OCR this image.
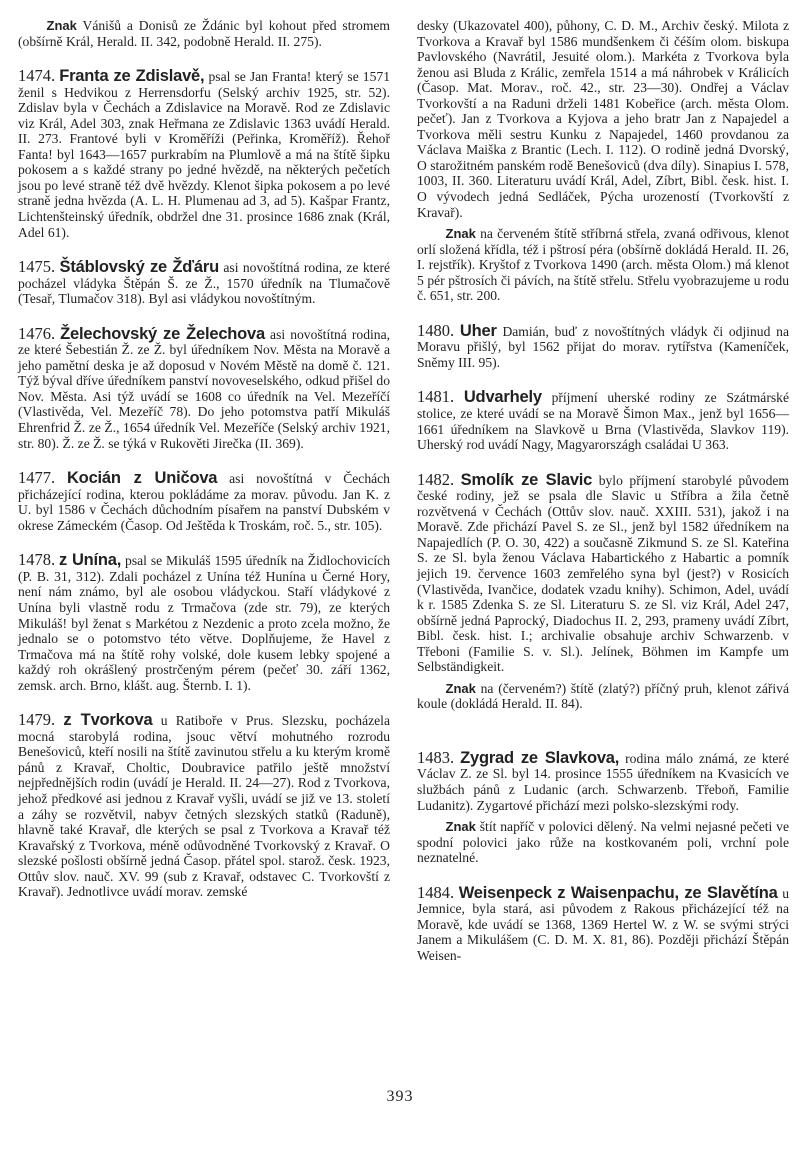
Znak Vánišů a Donisů ze Ždánic byl kohout před stromem (obšírně Král, Herald. II. 342, podobně Herald. II. 275).

1474. Franta ze Zdislavě, psal se Jan Franta! který se 1571 ženil s Hedvikou z Herrensdorfu (Selský archiv 1925, str. 52). Zdislav byla v Čechách a Zdislavice na Moravě. Rod ze Zdislavic viz Král, Adel 303, znak Heřmana ze Zdislavic 1363 uvádí Herald. II. 273. Frantové byli v Kroměříži (Peřinka, Kroměříž). Řehoř Fanta! byl 1643—1657 purkrabím na Plumlově a má na štítě šipku pokosem a s každé strany po jedné hvězdě, na některých pečetích jsou po levé straně též dvě hvězdy. Klenot šipka pokosem a po levé straně jedna hvězda (A. L. H. Plumenau ad 3, ad 5). Kašpar Frantz, Lichtenšteinský úředník, obdržel dne 31. prosince 1686 znak (Král, Adel 61).

1475. Štáblovský ze Žďáru asi novoštítná rodina, ze které pocházel vládyka Štěpán Š. ze Ž., 1570 úředník na Tlumačově (Tesař, Tlumačov 318). Byl asi vládykou novoštítným.

1476. Želechovský ze Želechova asi novoštítná rodina, ze které Šebestián Ž. ze Ž. byl úředníkem Nov. Města na Moravě a jeho pamětní deska je až doposud v Novém Městě na domě č. 121. Týž býval dříve úředníkem panství novoveselského, odkud přišel do Nov. Města. Asi týž uvádí se 1608 co úředník na Vel. Mezeříčí (Vlastivěda, Vel. Mezeříč 78). Do jeho potomstva patří Mikuláš Ehrenfrid Ž. ze Ž., 1654 úředník Vel. Mezeříče (Selský archiv 1921, str. 80). Ž. ze Ž. se týká v Rukověti Jirečka (II. 369).

1477. Kocián z Uničova asi novoštítná v Čechách přicházející rodina, kterou pokládáme za morav. původu. Jan K. z U. byl 1586 v Čechách důchodním písařem na panství Dubském v okrese Zámeckém (Časop. Od Ještěda k Troskám, roč. 5., str. 105).

1478. z Unína, psal se Mikuláš 1595 úředník na Židlochovicích (P. B. 31, 312). Zdali pocházel z Unína též Hunína u Černé Hory, není nám známo, byl ale osobou vládyckou. Staří vládykové z Unína byli vlastně rodu z Trmačova (zde str. 79), ze kterých Mikuláš! byl ženat s Markétou z Nezdenic a proto zcela možno, že jednalo se o potomstvo této větve. Doplňujeme, že Havel z Trmačova má na štítě rohy volské, dole kusem lebky spojené a každý roh okrášlený prostrčeným pérem (pečeť 30. září 1362, zemsk. arch. Brno, klášt. aug. Šternb. I. 1).

1479. z Tvorkova u Ratiboře v Prus. Slezsku, pocházela mocná starobylá rodina, jsouc větví mohutného rozrodu Benešoviců, kteří nosili na štítě zavinutou střelu a ku kterým kromě pánů z Kravař, Choltic, Doubravice patřilo ještě množství nejpřednějších rodin (uvádí je Herald. II. 24—27). Rod z Tvorkova, jehož předkové asi jednou z Kravař vyšli, uvádí se již ve 13. století a záhy se rozvětvil, nabyv četných slezských statků (Raduně), hlavně také Kravař, dle kterých se psal z Tvorkova a Kravař též Kravařský z Tvorkova, méně odůvodněné Tvorkovský z Kravař. O slezské pošlosti obšírně jedná Časop. přátel spol. starož. česk. 1923, Ottův slov. nauč. XV. 99 (sub z Kravař, odstavec C. Tvorkovští z Kravař). Jednotlivce uvádí morav. zemské

desky (Ukazovatel 400), půhony, C. D. M., Archiv český. Milota z Tvorkova a Kravař byl 1586 mundšenkem či čéším olom. biskupa Pavlovského (Navrátil, Jesuité olom.). Markéta z Tvorkova byla ženou asi Bluda z Králic, zemřela 1514 a má náhrobek v Králicích (Časop. Mat. Morav., roč. 42., str. 23—30). Ondřej a Václav Tvorkovští a na Raduni drželi 1481 Kobeřice (arch. města Olom. pečeť). Jan z Tvorkova a Kyjova a jeho bratr Jan z Napajedel a Tvorkova měli sestru Kunku z Napajedel, 1460 provdanou za Václava Maiška z Brantic (Lech. I. 112). O rodině jedná Dvorský, O starožitném panském rodě Benešoviců (dva díly). Sinapius I. 578, 1003, II. 360. Literaturu uvádí Král, Adel, Zíbrt, Bibl. česk. hist. I. O vývodech jedná Sedláček, Pýcha urozeností (Tvorkovští z Kravař).

Znak na červeném štítě stříbrná střela, zvaná odřivous, klenot orlí složená křídla, též i pštrosí péra (obšírně dokládá Herald. II. 26, I. rejstřík). Kryštof z Tvorkova 1490 (arch. města Olom.) má klenot 5 pér pštrosích či pávích, na štítě střelu. Střelu vyobrazujeme u rodu č. 651, str. 200.

1480. Uher Damián, buď z novoštítných vládyk či odjinud na Moravu přišlý, byl 1562 přijat do morav. rytířstva (Kameníček, Sněmy III. 95).

1481. Udvarhely příjmení uherské rodiny ze Szátmárské stolice, ze které uvádí se na Moravě Šimon Max., jenž byl 1656—1661 úředníkem na Slavkově u Brna (Vlastivěda, Slavkov 119). Uherský rod uvádí Nagy, Magyarországh családai U 363.

1482. Smolík ze Slavic bylo příjmení starobylé původem české rodiny, jež se psala dle Slavic u Stříbra a žila četně rozvětvená v Čechách (Ottův slov. nauč. XXIII. 531), jakož i na Moravě. Zde přichází Pavel S. ze Sl., jenž byl 1582 úředníkem na Napajedlích (P. O. 30, 422) a současně Zikmund S. ze Sl. Kateřina S. ze Sl. byla ženou Václava Habartického z Habartic a pomník jejich 19. července 1603 zemřelého syna byl (jest?) v Rosicích (Vlastivěda, Ivančice, dodatek vzadu knihy). Schimon, Adel, uvádí k r. 1585 Zdenka S. ze Sl. Literaturu S. ze Sl. viz Král, Adel 247, obšírně jedná Paprocký, Diadochus II. 2, 293, prameny uvádí Zíbrt, Bibl. česk. hist. I.; archivalie obsahuje archiv Schwarzenb. v Třeboni (Familie S. v. Sl.). Jelínek, Böhmen im Kampfe um Selbständigkeit.

Znak na (červeném?) štítě (zlatý?) příčný pruh, klenot zářivá koule (dokládá Herald. II. 84).

1483. Zygrad ze Slavkova, rodina málo známá, ze které Václav Z. ze Sl. byl 14. prosince 1555 úředníkem na Kvasicích ve službách pánů z Ludanic (arch. Schwarzenb. Třeboň, Familie Ludanitz). Zygartové přichází mezi polsko-slezskými rody.

Znak štít napříč v polovici dělený. Na velmi nejasné pečeti ve spodní polovici jako růže na kostkovaném poli, vrchní pole neznatelné.

1484. Weisenpeck z Waisenpachu, ze Slavětína u Jemnice, byla stará, asi původem z Rakous přicházející též na Moravě, kde uvádí se 1368, 1369 Hertel W. z W. se svými strýci Janem a Mikulášem (C. D. M. X. 81, 86). Později přichází Štěpán Weisen-

393
